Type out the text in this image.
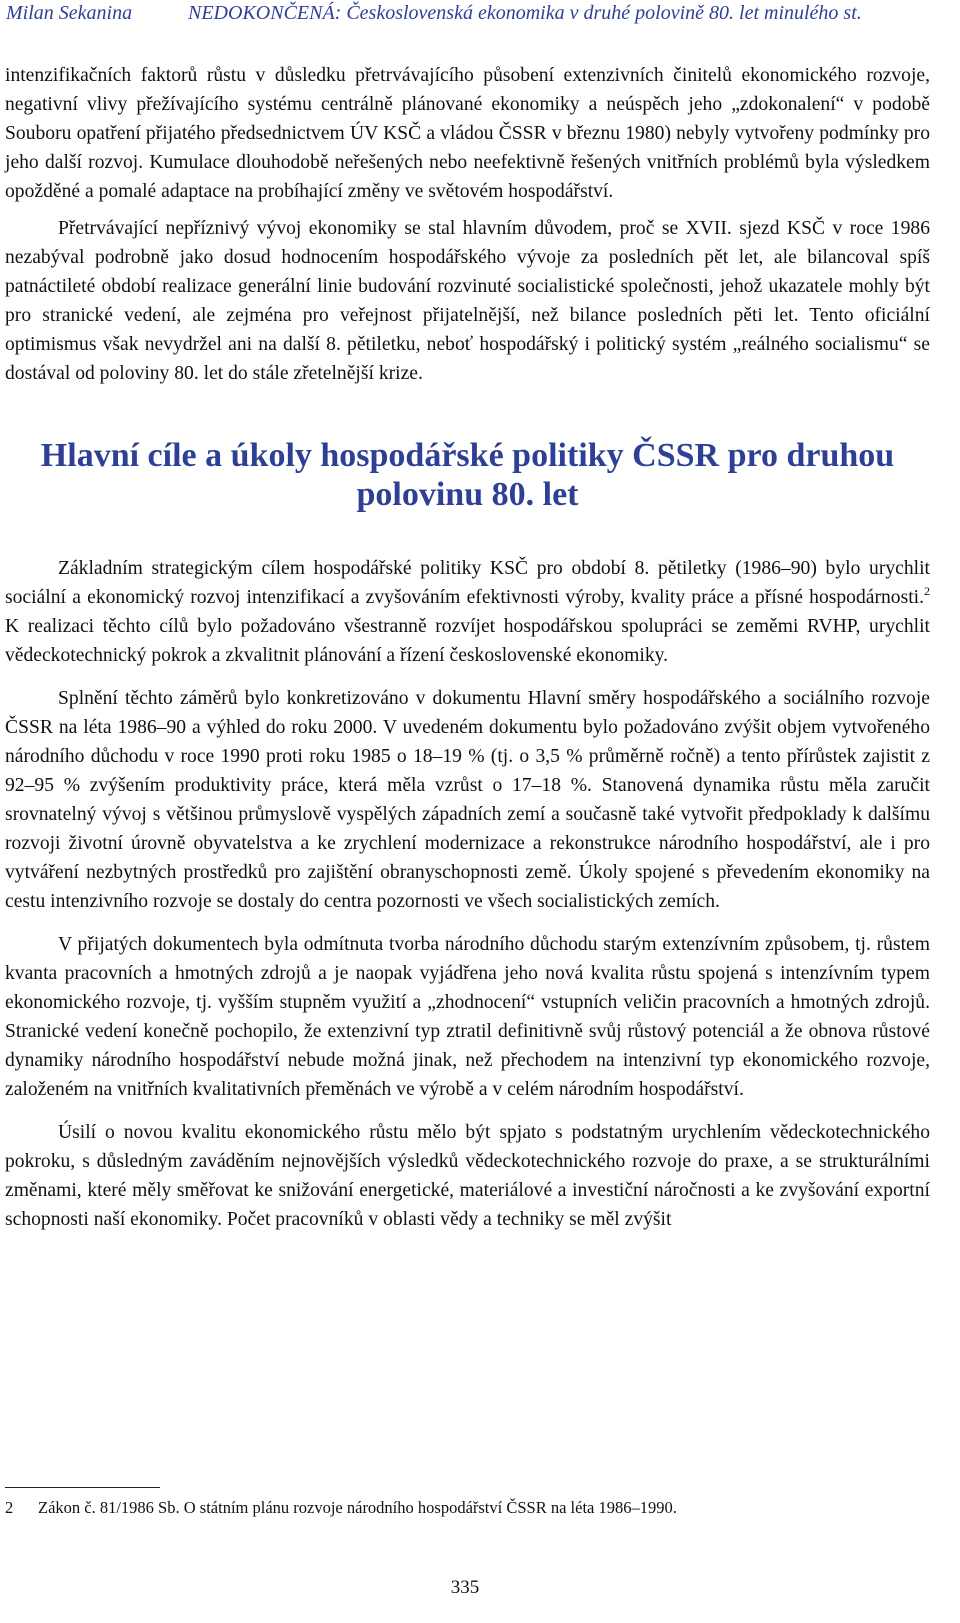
Milan Sekanina	NEDOKONČENÁ: Československá ekonomika v druhé polovině 80. let minulého st.

intenzifikačních faktorů růstu v důsledku přetrvávajícího působení extenzivních činitelů ekonomického rozvoje, negativní vlivy přežívajícího systému centrálně plánované ekonomiky a neúspěch jeho „zdokonalení“ v podobě Souboru opatření přijatého předsednictvem ÚV KSČ a vládou ČSSR v březnu 1980) nebyly vytvořeny podmínky pro jeho další rozvoj. Kumulace dlouhodobě neřešených nebo neefektivně řešených vnitřních problémů byla výsledkem opožděné a pomalé adaptace na probíhající změny ve světovém hospodářství.

Přetrvávající nepříznivý vývoj ekonomiky se stal hlavním důvodem, proč se XVII. sjezd KSČ v roce 1986 nezabýval podrobně jako dosud hodnocením hospodářského vývoje za posledních pět let, ale bilancoval spíš patnáctileté období realizace generální linie budování rozvinuté socialistické společnosti, jehož ukazatele mohly být pro stranické vedení, ale zejména pro veřejnost přijatelnější, než bilance posledních pěti let. Tento oficiální optimismus však nevydržel ani na další 8. pětiletku, neboť hospodářský i politický systém „reálného socialismu“ se dostával od poloviny 80. let do stále zřetelnější krize.

Hlavní cíle a úkoly hospodářské politiky ČSSR pro druhou
polovinu 80. let

Základním strategickým cílem hospodářské politiky KSČ pro období 8. pětiletky (1986–90) bylo urychlit sociální a ekonomický rozvoj intenzifikací a zvyšováním efektivnosti výroby, kvality práce a přísné hospodárnosti.$^2$ K realizaci těchto cílů bylo požadováno všestranně rozvíjet hospodářskou spolupráci se zeměmi RVHP, urychlit vědeckotechnický pokrok a zkvalitnit plánování a řízení československé ekonomiky.

Splnění těchto záměrů bylo konkretizováno v dokumentu Hlavní směry hospodářského a sociálního rozvoje ČSSR na léta 1986–90 a výhled do roku 2000. V uvedeném dokumentu bylo požadováno zvýšit objem vytvořeného národního důchodu v roce 1990 proti roku 1985 o 18–19 % (tj. o 3,5 % průměrně ročně) a tento přírůstek zajistit z 92–95 % zvýšením produktivity práce, která měla vzrůst o 17–18 %. Stanovená dynamika růstu měla zaručit srovnatelný vývoj s většinou průmyslově vyspělých západních zemí a současně také vytvořit předpoklady k dalšímu rozvoji životní úrovně obyvatelstva a ke zrychlení modernizace a rekonstrukce národního hospodářství, ale i pro vytváření nezbytných prostředků pro zajištění obranyschopnosti země. Úkoly spojené s převedením ekonomiky na cestu intenzivního rozvoje se dostaly do centra pozornosti ve všech socialistických zemích.

V přijatých dokumentech byla odmítnuta tvorba národního důchodu starým extenzívním způsobem, tj. růstem kvanta pracovních a hmotných zdrojů a je naopak vyjádřena jeho nová kvalita růstu spojená s intenzívním typem ekonomického rozvoje, tj. vyšším stupněm využití a „zhodnocení“ vstupních veličin pracovních a hmotných zdrojů. Stranické vedení konečně pochopilo, že extenzivní typ ztratil definitivně svůj růstový potenciál a že obnova růstové dynamiky národního hospodářství nebude možná jinak, než přechodem na intenzivní typ ekonomického rozvoje, založeném na vnitřních kvalitativních přeměnách ve výrobě a v celém národním hospodářství.

Úsilí o novou kvalitu ekonomického růstu mělo být spjato s podstatným urychlením vědeckotechnického pokroku, s důsledným zaváděním nejnovějších výsledků vědeckotechnického rozvoje do praxe, a se strukturálními změnami, které měly směřovat ke snižování energetické, materiálové a investiční náročnosti a ke zvyšování exportní schopnosti naší ekonomiky. Počet pracovníků v oblasti vědy a techniky se měl zvýšit

2 Zákon č. 81/1986 Sb. O státním plánu rozvoje národního hospodářství ČSSR na léta 1986–1990.
335
